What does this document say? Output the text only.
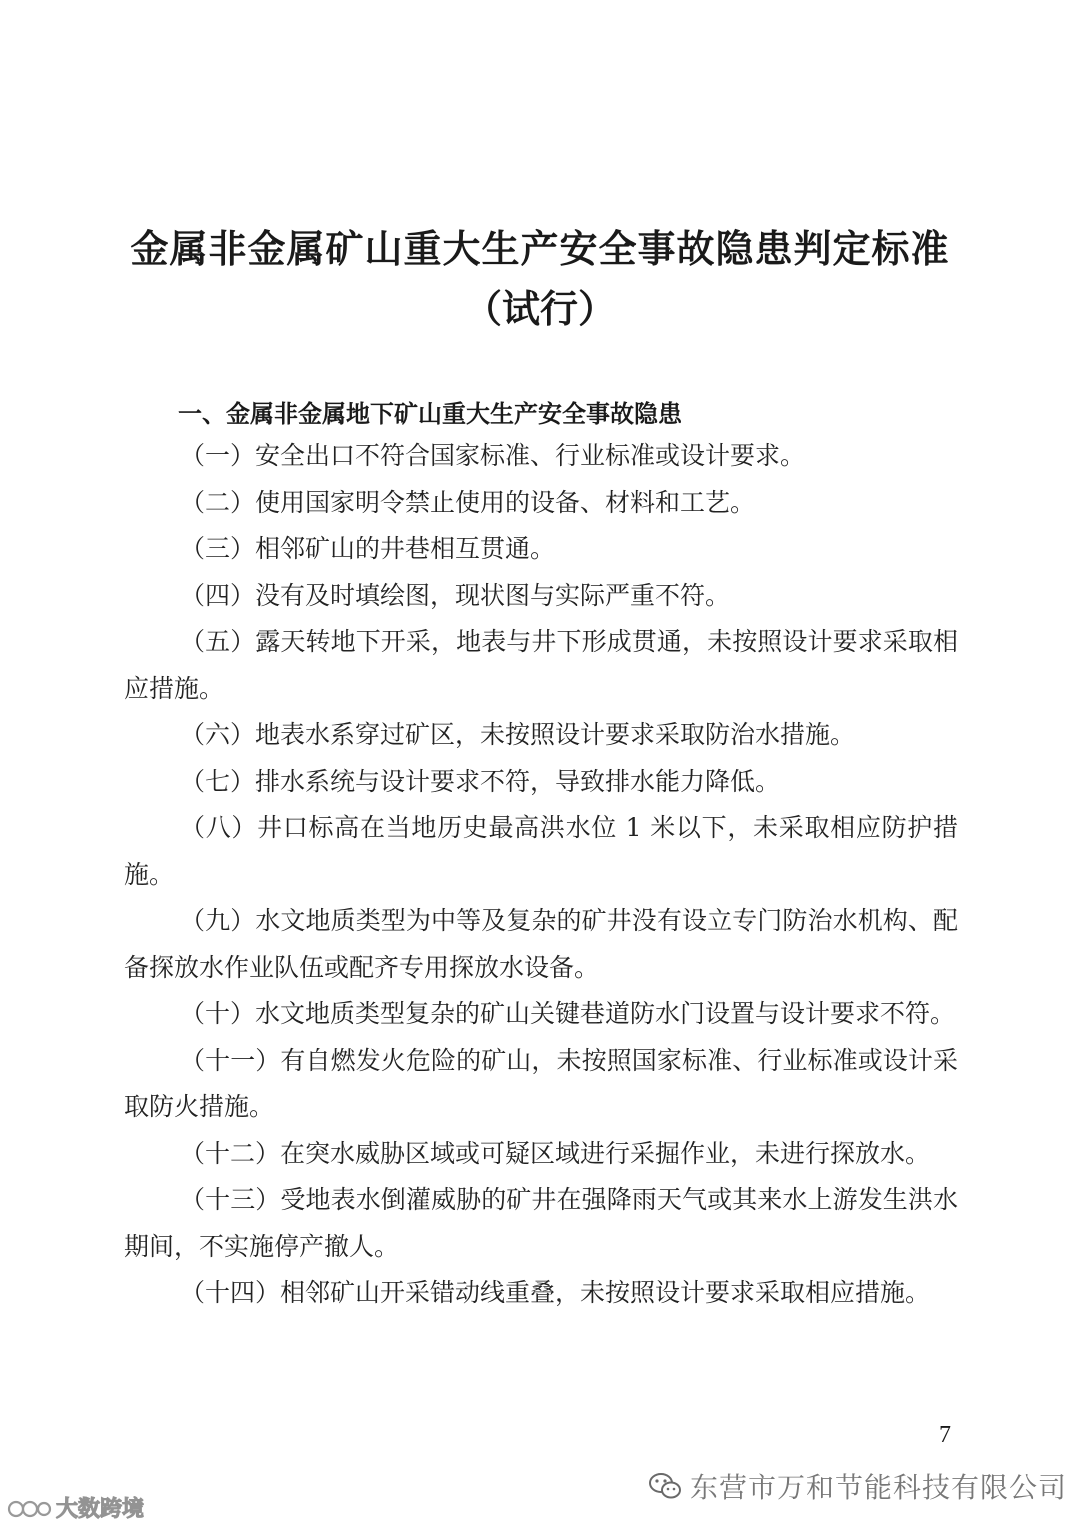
金属非金属矿山重大生产安全事故隐患判定标准
（试行）

一、金属非金属地下矿山重大生产安全事故隐患

（一）安全出口不符合国家标准、行业标准或设计要求。
（二）使用国家明令禁止使用的设备、材料和工艺。
（三）相邻矿山的井巷相互贯通。
（四）没有及时填绘图，现状图与实际严重不符。
（五）露天转地下开采，地表与井下形成贯通，未按照设计要求采取相应措施。
（六）地表水系穿过矿区，未按照设计要求采取防治水措施。
（七）排水系统与设计要求不符，导致排水能力降低。
（八）井口标高在当地历史最高洪水位 1 米以下，未采取相应防护措施。
（九）水文地质类型为中等及复杂的矿井没有设立专门防治水机构、配备探放水作业队伍或配齐专用探放水设备。
（十）水文地质类型复杂的矿山关键巷道防水门设置与设计要求不符。
（十一）有自燃发火危险的矿山，未按照国家标准、行业标准或设计采取防火措施。
（十二）在突水威胁区域或可疑区域进行采掘作业，未进行探放水。
（十三）受地表水倒灌威胁的矿井在强降雨天气或其来水上游发生洪水期间，不实施停产撤人。
（十四）相邻矿山开采错动线重叠，未按照设计要求采取相应措施。
7
东营市万和节能科技有限公司
大数跨境
